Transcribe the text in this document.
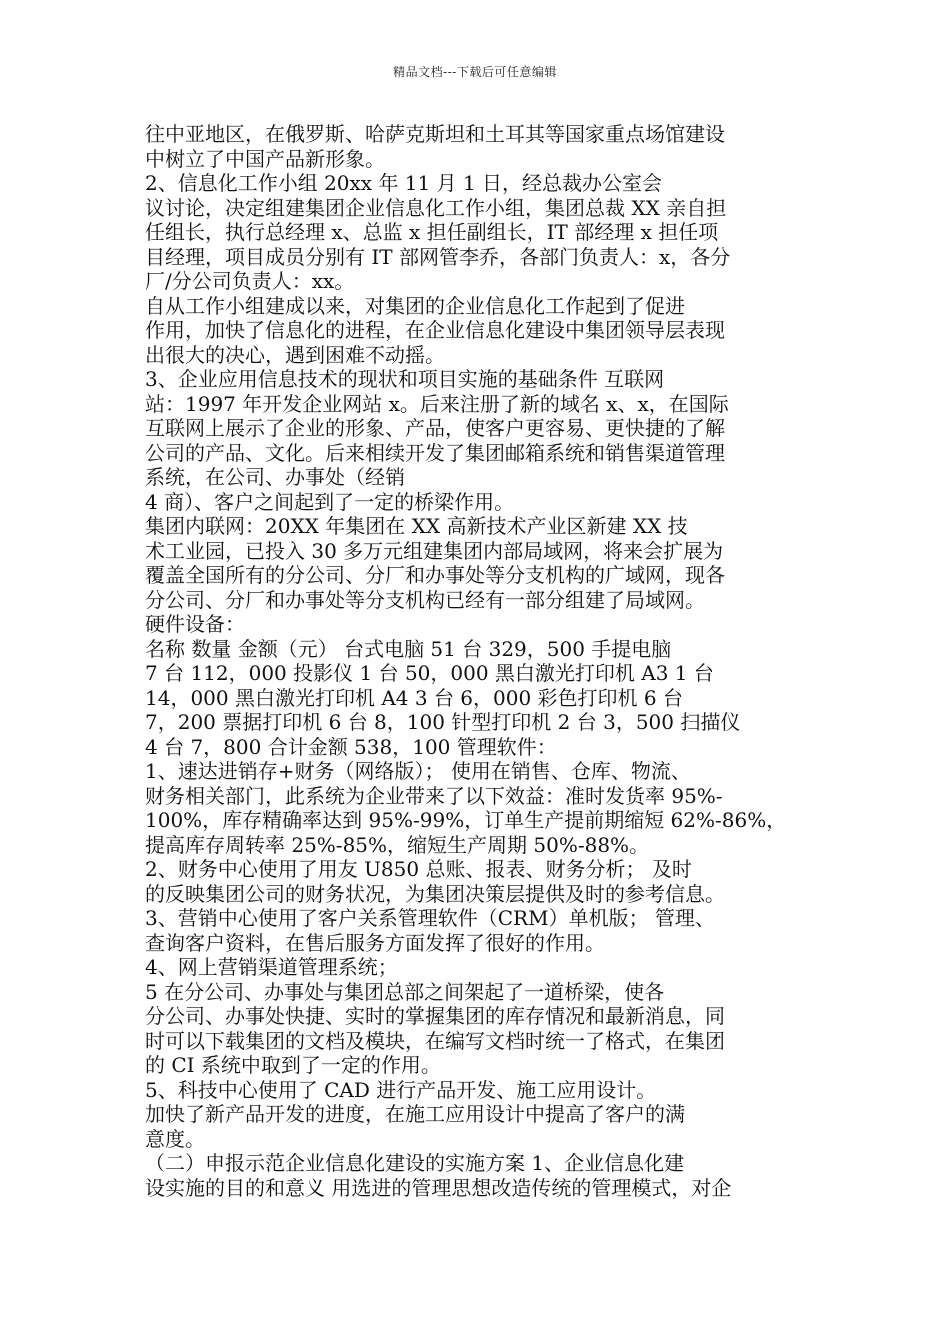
精品文档---下载后可任意编辑
往中亚地区，在俄罗斯、哈萨克斯坦和土耳其等国家重点场馆建设
中树立了中国产品新形象。
2、信息化工作小组 20xx 年 11 月 1 日，经总裁办公室会
议讨论，决定组建集团企业信息化工作小组，集团总裁 XX 亲自担
任组长，执行总经理 x、总监 x 担任副组长，IT 部经理 x 担任项
目经理，项目成员分别有 IT 部网管李乔，各部门负责人：x，各分
厂/分公司负责人：xx。
自从工作小组建成以来，对集团的企业信息化工作起到了促进
作用，加快了信息化的进程，在企业信息化建设中集团领导层表现
出很大的决心，遇到困难不动摇。
3、企业应用信息技术的现状和项目实施的基础条件 互联网
站：1997 年开发企业网站 x。后来注册了新的域名 x、x，在国际
互联网上展示了企业的形象、产品，使客户更容易、更快捷的了解
公司的产品、文化。后来相续开发了集团邮箱系统和销售渠道管理
系统，在公司、办事处（经销
4 商）、客户之间起到了一定的桥梁作用。
集团内联网：20XX 年集团在 XX 高新技术产业区新建 XX 技
术工业园，已投入 30 多万元组建集团内部局域网，将来会扩展为
覆盖全国所有的分公司、分厂和办事处等分支机构的广域网，现各
分公司、分厂和办事处等分支机构已经有一部分组建了局域网。
硬件设备：
名称 数量 金额（元） 台式电脑 51 台 329，500 手提电脑
7 台 112，000 投影仪 1 台 50，000 黑白激光打印机 A3 1 台
14，000 黑白激光打印机 A4 3 台 6，000 彩色打印机 6 台
7，200 票据打印机 6 台 8，100 针型打印机 2 台 3，500 扫描仪
4 台 7，800 合计金额 538，100 管理软件：
1、速达进销存+财务（网络版）； 使用在销售、仓库、物流、
财务相关部门，此系统为企业带来了以下效益：准时发货率 95%-
100%，库存精确率达到 95%-99%，订单生产提前期缩短 62%-86%，
提高库存周转率 25%-85%，缩短生产周期 50%-88%。
2、财务中心使用了用友 U850 总账、报表、财务分析； 及时
的反映集团公司的财务状况，为集团决策层提供及时的参考信息。
3、营销中心使用了客户关系管理软件（CRM）单机版； 管理、
查询客户资料，在售后服务方面发挥了很好的作用。
4、网上营销渠道管理系统；
5 在分公司、办事处与集团总部之间架起了一道桥梁，使各
分公司、办事处快捷、实时的掌握集团的库存情况和最新消息，同
时可以下载集团的文档及模块，在编写文档时统一了格式，在集团
的 CI 系统中取到了一定的作用。
5、科技中心使用了 CAD 进行产品开发、施工应用设计。
加快了新产品开发的进度，在施工应用设计中提高了客户的满
意度。
（二）申报示范企业信息化建设的实施方案 1、企业信息化建
设实施的目的和意义 用选进的管理思想改造传统的管理模式，对企
